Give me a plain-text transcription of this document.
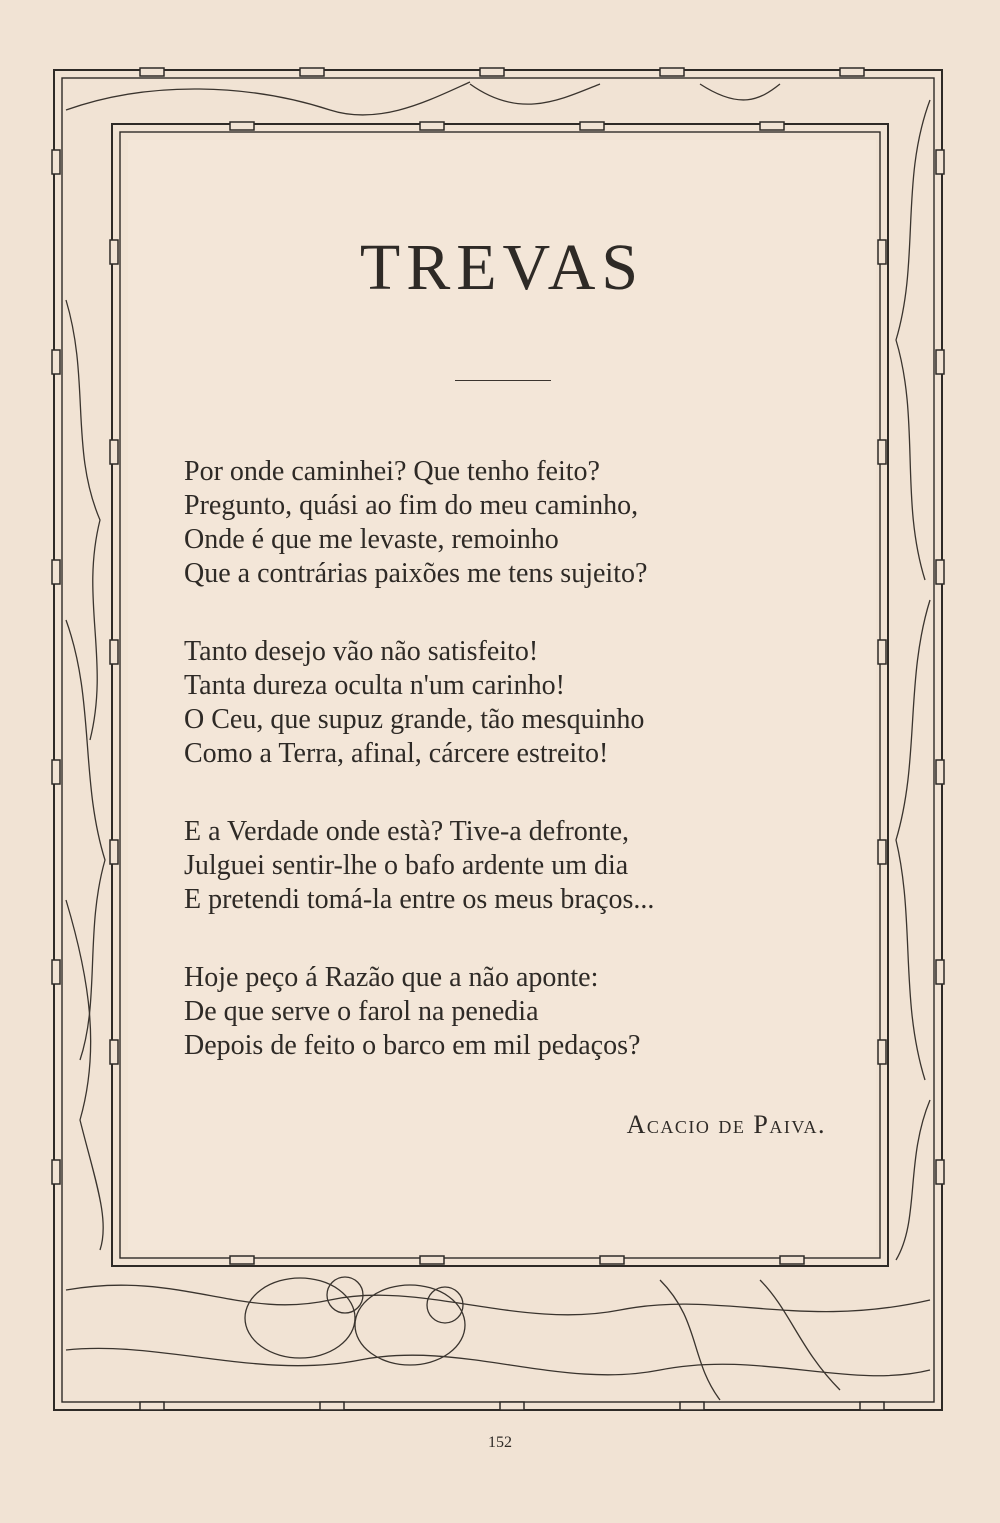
TREVAS
Por onde caminhei? Que tenho feito?
Pregunto, quási ao fim do meu caminho,
Onde é que me levaste, remoinho
Que a contrárias paixões me tens sujeito?
Tanto desejo vão não satisfeito!
Tanta dureza oculta n'um carinho!
O Ceu, que supuz grande, tão mesquinho
Como a Terra, afinal, cárcere estreito!
E a Verdade onde està? Tive-a defronte,
Julguei sentir-lhe o bafo ardente um dia
E pretendi tomá-la entre os meus braços...
Hoje peço á Razão que a não aponte:
De que serve o farol na penedia
Depois de feito o barco em mil pedaços?
Acacio de Paiva.
152
